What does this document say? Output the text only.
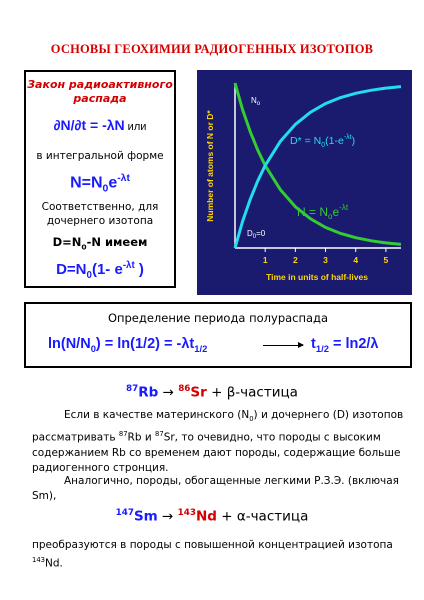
ОСНОВЫ ГЕОХИМИИ РАДИОГЕННЫХ ИЗОТОПОВ
Закон радиоактивного
распада
∂N/∂t = -λN или
в интегральной форме
$N=N_0e^{-\lambda t}$
Соответственно, для
дочернего изотопа
$D=N_0-N$ имеем
$D=N_0(1-$ $e^{-\lambda t}$ )
1	2	3	4	5
Time in units of half-lives
Number of atoms of N or D*
$N_o$
$D_0=0$
$D* = N_0(1-e^{-\lambda t})$
$N = N_oe^{-\lambda t}$
Определение периода полураспада
$\ln(N/N_0) = \ln(1/2) = -\lambda t_{1/2}$	$t_{1/2} = \ln 2/\lambda$
$^{87}$Rb → $^{86}$Sr + β-частица
Если в качестве материнского $(N_0)$ и дочернего (D) изотопов рассматривать $^{87}$Rb и $^{87}$Sr, то очевидно, что породы с высоким содержанием Rb со временем дают породы, содержащие больше радиогенного стронция.
Аналогично, породы, обогащенные легкими Р.З.Э. (включая Sm),
$^{147}$Sm → $^{143}$Nd + α-частица
преобразуются в породы с повышенной концентрацией изотопа
$^{143}$Nd.
